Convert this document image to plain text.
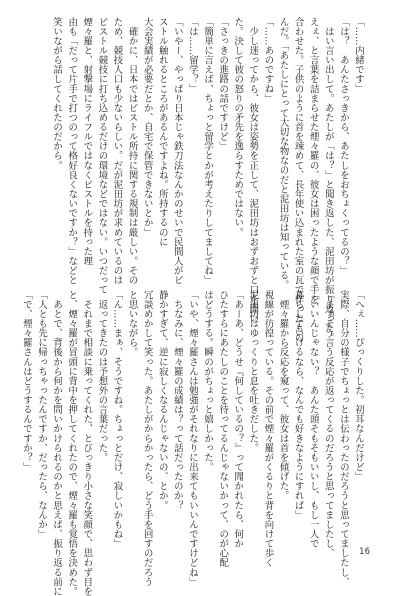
「……内緒です」
「は？　あんたさっきから、あたしをおちょくってるの？」
　はい言い出して。あたしが「は？」と聞き返した、泥田坊が振り返った。
えぇ、と言葉を詰まらせた煙々羅の、彼女は困ったような顔で手を
合わせた。子供のように首を竦めて、長年使い込まれた室の瓦で作ったもの
んだ。「あたしにとって大切な物なのだと泥田坊は知っている。
「……あのですね」
　少し迷ってから、彼女は姿勢を正して、泥田坊はおずおずと口を開い
た。決して彼の怒りの矛先を逸らすためではない。
「さっきの進路の話ですけど」
「簡単に言えば、ちょっと留学とかが考えたりしてましてね」
「は……留学？」
「いやー、やっぱり日本じゃ鉄刀法なんかのせいで民間人がピ
ストル触れるところがあるんですよね。所持するのに
大会実績が必要だとか、自宅で保管できないとか」
　確かに、日本ではピストル所持に関する規制は厳しい。その
ため、競技人口も少ないらしい。だが泥田坊が求めているのは
ピストル競技に打ち込めるだけの環境などではない。いつだって
煙々羅と、射撃場にライフルではなくピストルを持った理
由も「だって片手で打つのって格好良くないですか？」などと
笑いながら話してくれたのだから。
「へぇ……ぴっくりした。初耳なんだけど」
実際、自分の様子でちょっとは伝わったのだろうと思ってましたし、
「まぁそう言う反応が返ってくるのだろうと思ってましたし、
「いいんじゃない？　あんた頭そもそもいいし、もし一人で
暮らしていけるなら、なんでも好きなようにすれば」
　煙々羅から反応を窺って、彼女は首を傾げた。
視線が彷徨っている。その前で煙々羅がくるりと背を向けて歩く
泥田坊はゆっくりと息を吐きだした。
「あーあ、どうせ『何しているの？』って聞かれたら、何か
ひたすらにあたしのことを待ってるんじゃないかって、のが心配
はどうする。瞬のがちょっと嬉しかった。
「いや、煙々羅さんは勉強がそれなりに出来てもいいんですけどね」
　ちなみに、煙々羅の成績は？って話だったのか？
静かすぎて、逆に寂しくなるんじゃないの、とか。
冗談めかして笑った。あたしがからかったら、どう手を回すのだろう
と思いながら。
「ん……まぁ、そうですね。ちょっとだけ、寂しいかもね」
　返ってきたのは予想外の言葉だった。
　それまで相談に乗ってくれた、とびっきり小さな笑顔で、思わず目を
と、煙々羅が冒頭に背中を押してくれたので、煙々羅も覚悟を決めた。
　あとで、背後から何かを問いかけられるのかと思えば、振り返る前に
「人とも先に帰っちゃったんですか、だったら、なんか」
「で、煙々羅さんはどうするんですか？」
16
